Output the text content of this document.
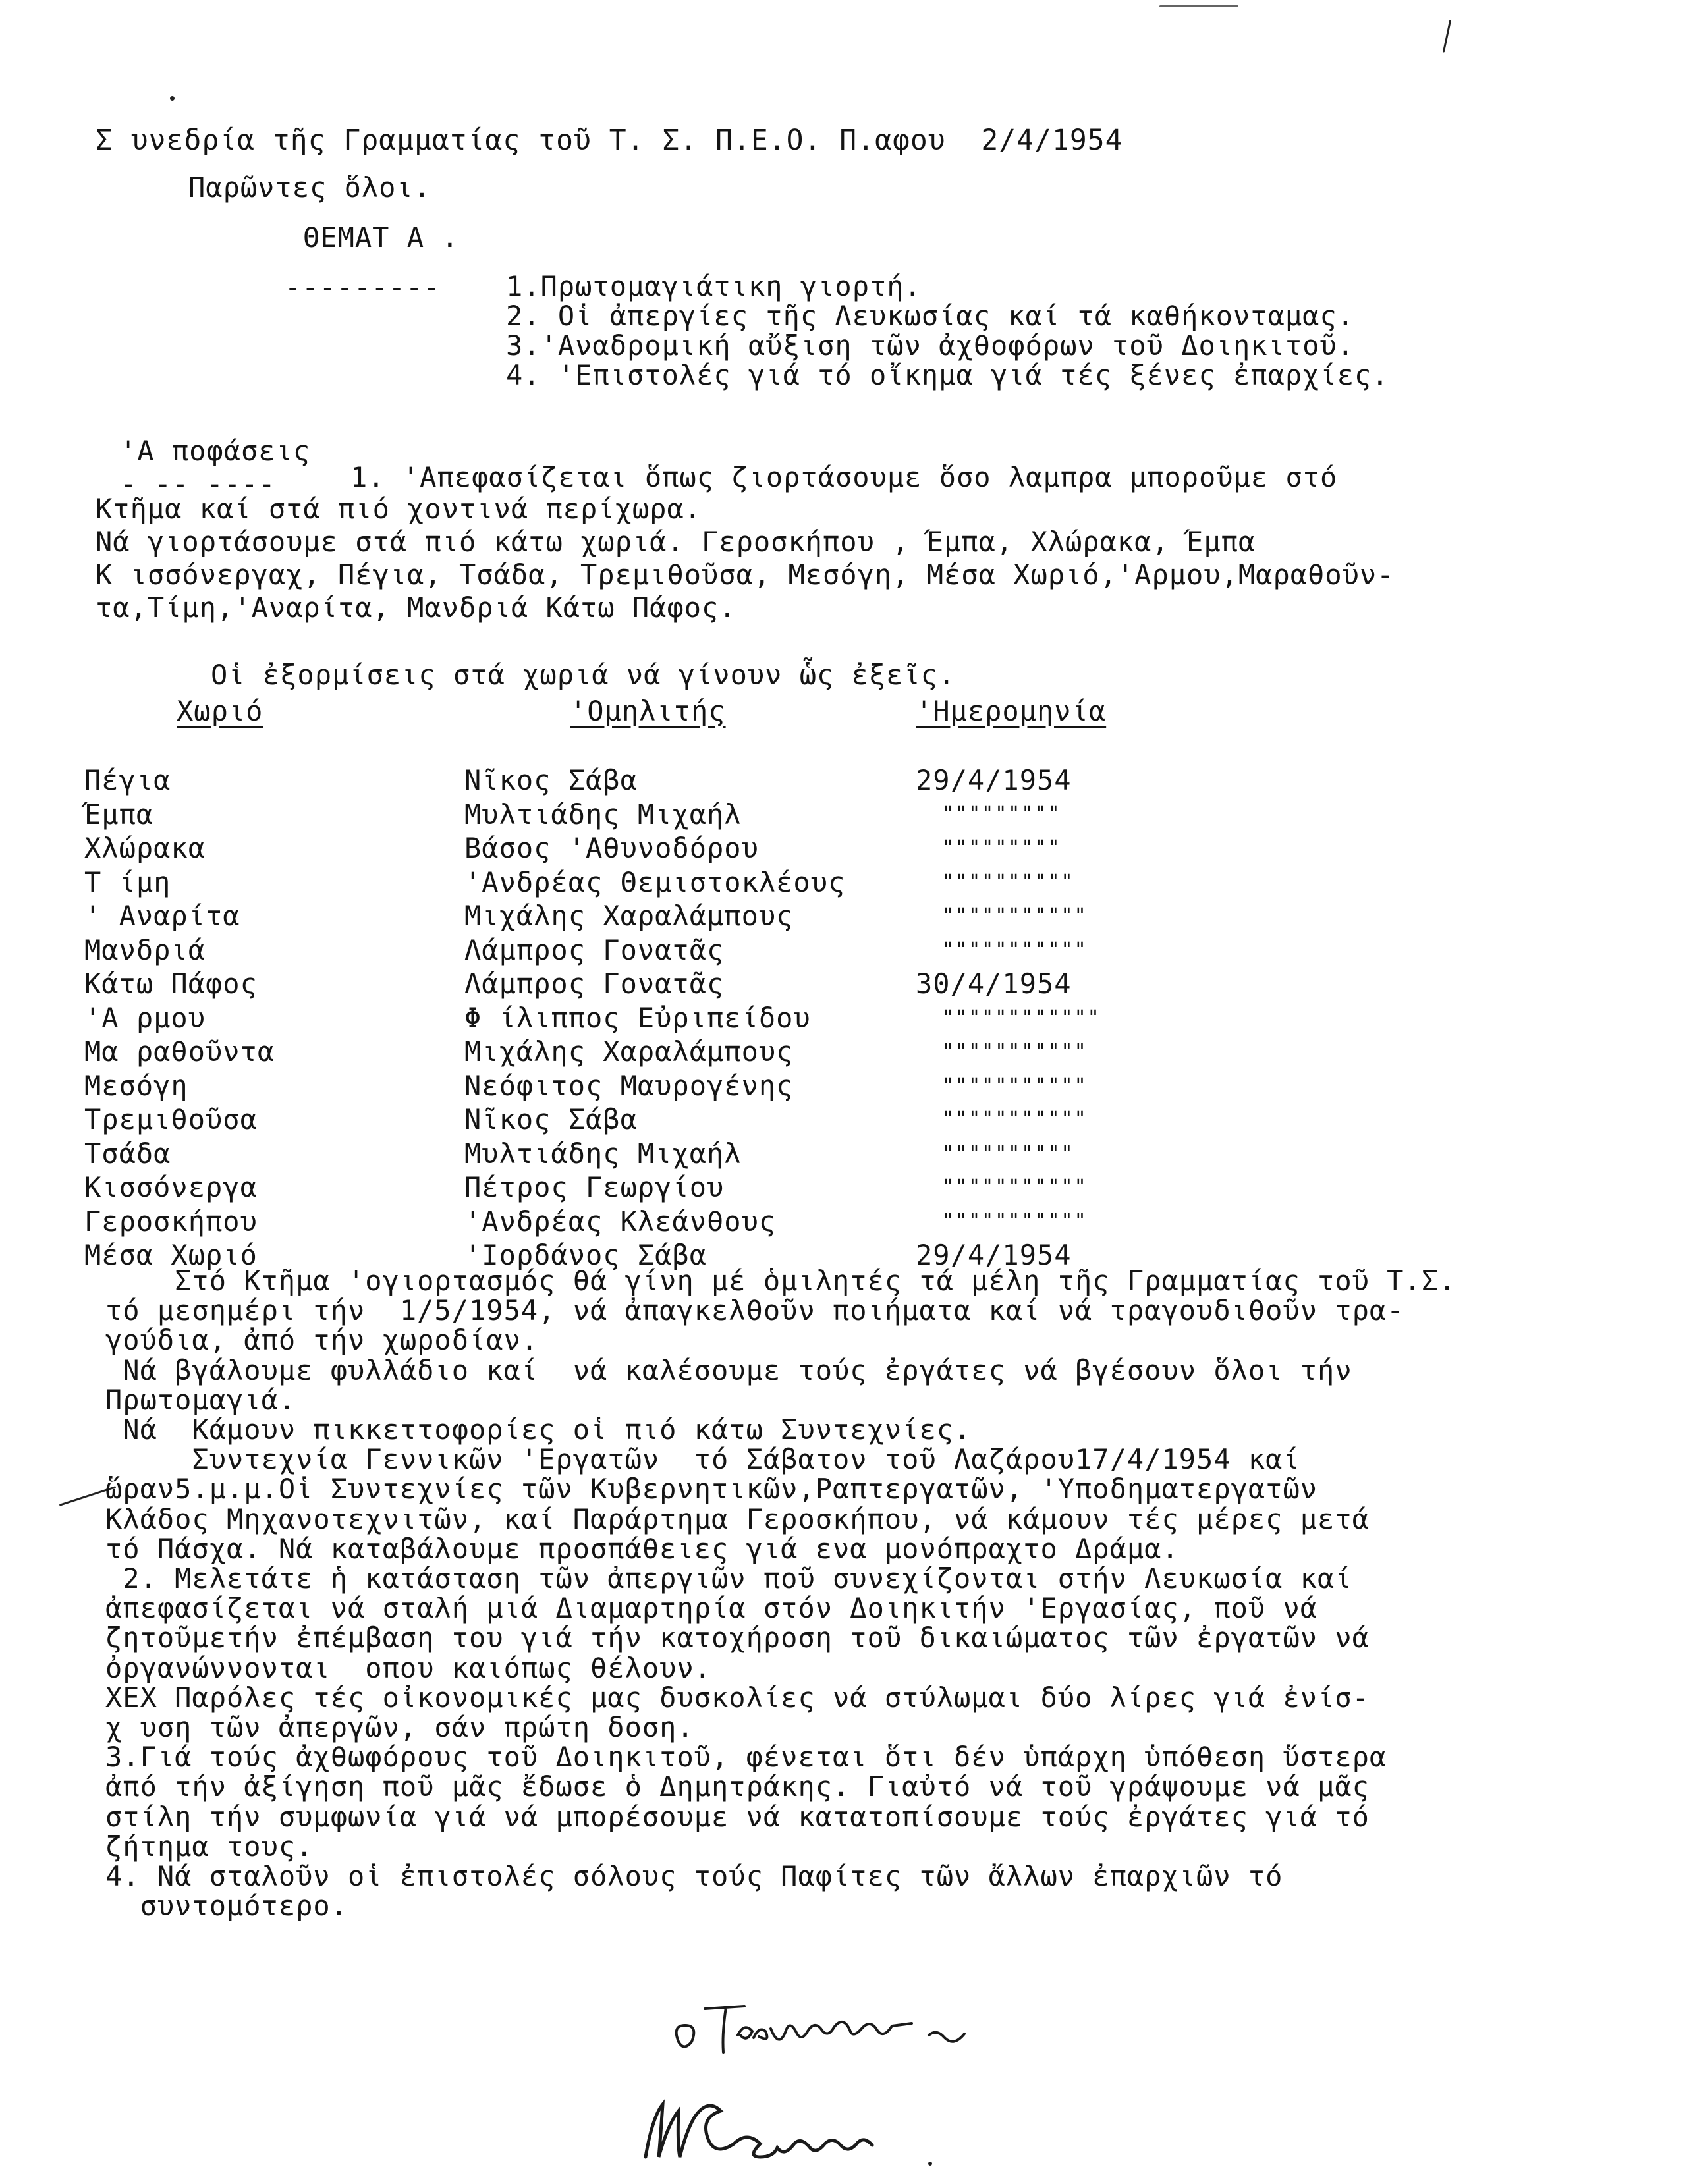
Σ υνεδρία τῆς Γραμματίας τοῦ Τ. Σ. Π.Ε.Ο. Π.αφου  2/4/1954
Παρῶντες ὅλοι.
ΘΕΜΑΤ Α .
--------- 1.Πρωτομαγιάτικη γιορτή.
2. Οἱ ἀπεργίες τῆς Λευκωσίας καί τά καθήκονταμας.
3.'Αναδρομική αὔξιση τῶν ἀχθοφόρων τοῦ Δοιηκιτοῦ.
4. 'Επιστολές γιά τό οἴκημα γιά τές ξένες ἐπαρχίες.
'Α ποφάσεις
- -- ----	1. 'Απεφασίζεται ὅπως ζιορτάσουμε ὅσο λαμπρα μποροῦμε στό
Κτῆμα καί στά πιό χοντινά περίχωρα.
Νά γιορτάσουμε στά πιό κάτω χωριά. Γεροσκήπου , Έμπα, Χλώρακα, Έμπα
Κ ισσόνεργαχ, Πέγια, Τσάδα, Τρεμιθοῦσα, Μεσόγη, Μέσα Χωριό,'Αρμου,Μαραθοῦν-
τα,Τίμη,'Αναρίτα, Μανδριά Κάτω Πάφος.
Οἱ ἐξορμίσεις στά χωριά νά γίνουν ὧς ἐξεῖς.
Χωριό	'Ομηλιτής	'Ημερομηνία
Πέγια	Νῖκος Σάβα	29/4/1954
Έμπα	Μυλτιάδης Μιχαήλ	"""""""""
Χλώρακα	Βάσος 'Αθυνοδόρου	"""""""""
Τ ίμη	'Ανδρέας Θεμιστοκλέους	""""""""""
' Αναρίτα	Μιχάλης Χαραλάμπους	"""""""""""
Μανδριά	Λάμπρος Γονατᾶς	"""""""""""
Κάτω Πάφος	Λάμπρος Γονατᾶς	30/4/1954
'Α ρμου	Φ ίλιππος Εὐριπείδου	""""""""""""
Μα ραθοῦντα	Μιχάλης Χαραλάμπους	"""""""""""
Μεσόγη	Νεόφιτος Μαυρογένης	"""""""""""
Τρεμιθοῦσα	Νῖκος Σάβα	"""""""""""
Τσάδα	Μυλτιάδης Μιχαήλ	""""""""""
Κισσόνεργα	Πέτρος Γεωργίου	"""""""""""
Γεροσκήπου	'Ανδρέας Κλεάνθους	"""""""""""
Μέσα Χωριό	'Ιορδάνος Σάβα	29/4/1954
Στό Κτῆμα 'ογιορτασμός θά γίνη μέ ὁμιλητές τά μέλη τῆς Γραμματίας τοῦ Τ.Σ.
τό μεσημέρι τήν  1/5/1954, νά ἀπαγκελθοῦν ποιήματα καί νά τραγουδιθοῦν τρα-
γούδια, ἀπό τήν χωροδίαν.
Νά βγάλουμε φυλλάδιο καί  νά καλέσουμε τούς ἐργάτες νά βγέσουν ὅλοι τήν
Πρωτομαγιά.
Νά  Κάμουν πικκεττοφορίες οἱ πιό κάτω Συντεχνίες.
Συντεχνία Γεννικῶν 'Εργατῶν  τό Σάβατον τοῦ Λαζάρου17/4/1954 καί
ὥραν5.μ.μ.Οἱ Συντεχνίες τῶν Κυβερνητικῶν,Ραπτεργατῶν, 'Υποδηματεργατῶν
Κλάδος Μηχανοτεχνιτῶν, καί Παράρτημα Γεροσκήπου, νά κάμουν τές μέρες μετά
τό Πάσχα. Νά καταβάλουμε προσπάθειες γιά ενα μονόπραχτο Δράμα.
2. Μελετάτε ἡ κατάσταση τῶν ἀπεργιῶν ποῦ συνεχίζονται στήν Λευκωσία καί
ἀπεφασίζεται νά σταλή μιά Διαμαρτηρία στόν Δοιηκιτήν 'Εργασίας, ποῦ νά
ζητοῦμετήν ἐπέμβαση του γιά τήν κατοχήροση τοῦ δικαιώματος τῶν ἐργατῶν νά
ὀργανώννονται  οπου καιόπως θέλουν.
XEX Παρόλες τές οἰκονομικές μας δυσκολίες νά στύλωμαι δύο λίρες γιά ἐνίσ-
χ υση τῶν ἀπεργῶν, σάν πρώτη δοση.
3.Γιά τούς ἀχθωφόρους τοῦ Δοιηκιτοῦ, φένεται ὅτι δέν ὑπάρχη ὑπόθεση ὕστερα
ἀπό τήν ἀξίγηση ποῦ μᾶς ἔδωσε ὁ Δημητράκης. Γιαὐτό νά τοῦ γράψουμε νά μᾶς
στίλη τήν συμφωνία γιά νά μπορέσουμε νά κατατοπίσουμε τούς ἐργάτες γιά τό
ζήτημα τους.
4. Νά σταλοῦν οἱ ἐπιστολές σόλους τούς Παφίτες τῶν ἄλλων ἐπαρχιῶν τό
συντομότερο.
